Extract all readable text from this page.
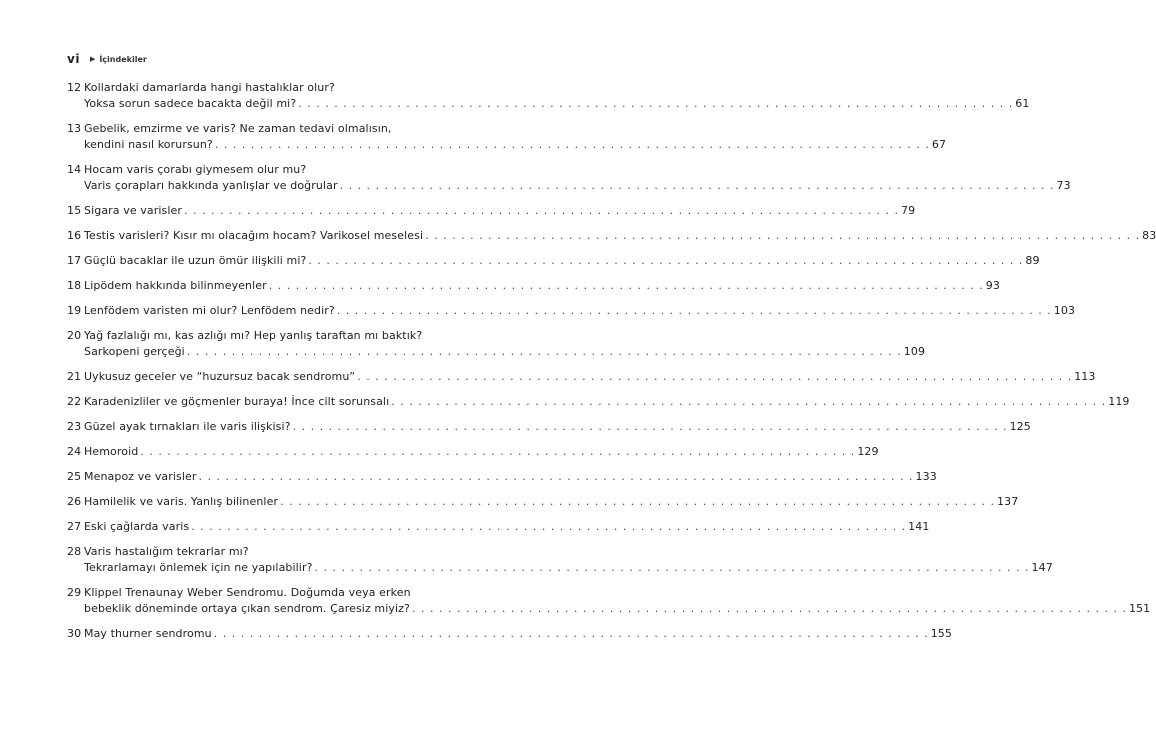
vi ▶ İçindekiler
12 Kollardaki damarlarda hangi hastalıklar olur?
Yoksa sorun sadece bacakta değil mi? . . . . . . . . . . . . . . . . . . . . . . . . . . . . . . . . . . . . . . . . . . . . . . . . . . . . . . . . . . . . . . . . . . . . . . . . . . . . . . . . 61
13 Gebelik, emzirme ve varis? Ne zaman tedavi olmalısın,
kendini nasıl korursun? . . . . . . . . . . . . . . . . . . . . . . . . . . . . . . . . . . . . . . . . . . . . . . . . . . . . . . . . . . . . . . . . . . . . . . . . . . . . . . . . 67
14 Hocam varis çorabı giymesem olur mu?
Varis çorapları hakkında yanlışlar ve doğrular . . . . . . . . . . . . . . . . . . . . . . . . . . . . . . . . . . . . . . . . . . . . . . . . . . . . . . . . . . . . . . . . . . . . . . . . . . . . . . . . 73
15 Sigara ve varisler . . . . . . . . . . . . . . . . . . . . . . . . . . . . . . . . . . . . . . . . . . . . . . . . . . . . . . . . . . . . . . . . . . . . . . . . . . . . . . . . 79
16 Testis varisleri? Kısır mı olacağım hocam? Varikosel meselesi . . . . . . . . . . . . . . . . . . . . . . . . . . . . . . . . . . . . . . . . . . . . . . . . . . . . . . . . . . . . . . . . . . . . . . . . . . . . . . . . 83
17 Güçlü bacaklar ile uzun ömür ilişkili mi? . . . . . . . . . . . . . . . . . . . . . . . . . . . . . . . . . . . . . . . . . . . . . . . . . . . . . . . . . . . . . . . . . . . . . . . . . . . . . . . . 89
18 Lipödem hakkında bilinmeyenler . . . . . . . . . . . . . . . . . . . . . . . . . . . . . . . . . . . . . . . . . . . . . . . . . . . . . . . . . . . . . . . . . . . . . . . . . . . . . . . . 93
19 Lenfödem varisten mi olur? Lenfödem nedir? . . . . . . . . . . . . . . . . . . . . . . . . . . . . . . . . . . . . . . . . . . . . . . . . . . . . . . . . . . . . . . . . . . . . . . . . . . . . . . . . 103
20 Yağ fazlalığı mı, kas azlığı mı? Hep yanlış taraftan mı baktık?
Sarkopeni gerçeği . . . . . . . . . . . . . . . . . . . . . . . . . . . . . . . . . . . . . . . . . . . . . . . . . . . . . . . . . . . . . . . . . . . . . . . . . . . . . . . . 109
21 Uykusuz geceler ve “huzursuz bacak sendromu” . . . . . . . . . . . . . . . . . . . . . . . . . . . . . . . . . . . . . . . . . . . . . . . . . . . . . . . . . . . . . . . . . . . . . . . . . . . . . . . . 113
22 Karadenizliler ve göçmenler buraya! İnce cilt sorunsalı . . . . . . . . . . . . . . . . . . . . . . . . . . . . . . . . . . . . . . . . . . . . . . . . . . . . . . . . . . . . . . . . . . . . . . . . . . . . . . . . 119
23 Güzel ayak tırnakları ile varis ilişkisi? . . . . . . . . . . . . . . . . . . . . . . . . . . . . . . . . . . . . . . . . . . . . . . . . . . . . . . . . . . . . . . . . . . . . . . . . . . . . . . . . 125
24 Hemoroid . . . . . . . . . . . . . . . . . . . . . . . . . . . . . . . . . . . . . . . . . . . . . . . . . . . . . . . . . . . . . . . . . . . . . . . . . . . . . . . . 129
25 Menapoz ve varisler . . . . . . . . . . . . . . . . . . . . . . . . . . . . . . . . . . . . . . . . . . . . . . . . . . . . . . . . . . . . . . . . . . . . . . . . . . . . . . . . 133
26 Hamilelik ve varis. Yanlış bilinenler . . . . . . . . . . . . . . . . . . . . . . . . . . . . . . . . . . . . . . . . . . . . . . . . . . . . . . . . . . . . . . . . . . . . . . . . . . . . . . . . 137
27 Eski çağlarda varis . . . . . . . . . . . . . . . . . . . . . . . . . . . . . . . . . . . . . . . . . . . . . . . . . . . . . . . . . . . . . . . . . . . . . . . . . . . . . . . . 141
28 Varis hastalığım tekrarlar mı?
Tekrarlamayı önlemek için ne yapılabilir? . . . . . . . . . . . . . . . . . . . . . . . . . . . . . . . . . . . . . . . . . . . . . . . . . . . . . . . . . . . . . . . . . . . . . . . . . . . . . . . . 147
29 Klippel Trenaunay Weber Sendromu. Doğumda veya erken
bebeklik döneminde ortaya çıkan sendrom. Çaresiz miyiz? . . . . . . . . . . . . . . . . . . . . . . . . . . . . . . . . . . . . . . . . . . . . . . . . . . . . . . . . . . . . . . . . . . . . . . . . . . . . . . . . 151
30 May thurner sendromu . . . . . . . . . . . . . . . . . . . . . . . . . . . . . . . . . . . . . . . . . . . . . . . . . . . . . . . . . . . . . . . . . . . . . . . . . . . . . . . . 155
